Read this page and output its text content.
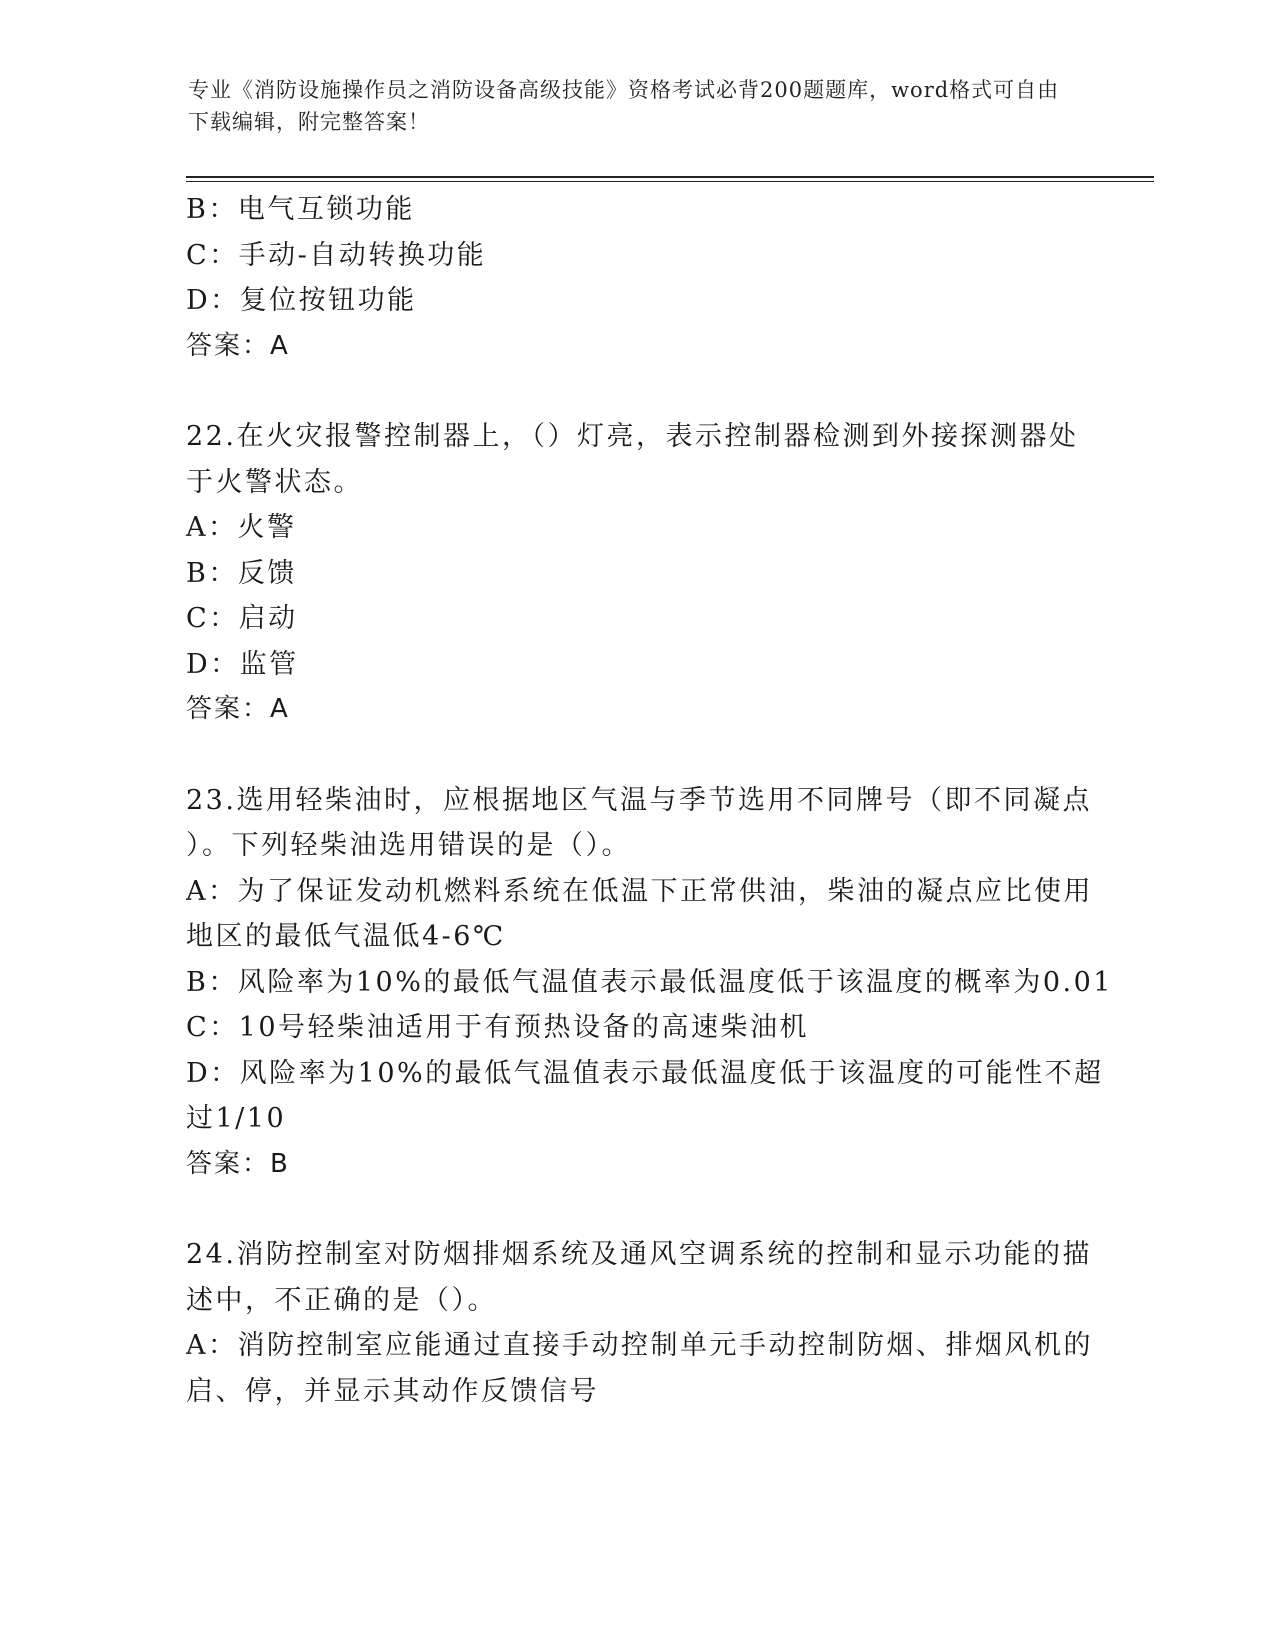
专业《消防设施操作员之消防设备高级技能》资格考试必背200题题库，word格式可自由下载编辑，附完整答案！
B：电气互锁功能
C：手动-自动转换功能
D：复位按钮功能
答案：A
22.在火灾报警控制器上，（）灯亮，表示控制器检测到外接探测器处
于火警状态。
A：火警
B：反馈
C：启动
D：监管
答案：A
23.选用轻柴油时，应根据地区气温与季节选用不同牌号（即不同凝点
）。下列轻柴油选用错误的是（）。
A：为了保证发动机燃料系统在低温下正常供油，柴油的凝点应比使用
地区的最低气温低4-6℃
B：风险率为10%的最低气温值表示最低温度低于该温度的概率为0.01
C：10号轻柴油适用于有预热设备的高速柴油机
D：风险率为10%的最低气温值表示最低温度低于该温度的可能性不超
过1/10
答案：B
24.消防控制室对防烟排烟系统及通风空调系统的控制和显示功能的描
述中，不正确的是（）。
A：消防控制室应能通过直接手动控制单元手动控制防烟、排烟风机的
启、停，并显示其动作反馈信号
